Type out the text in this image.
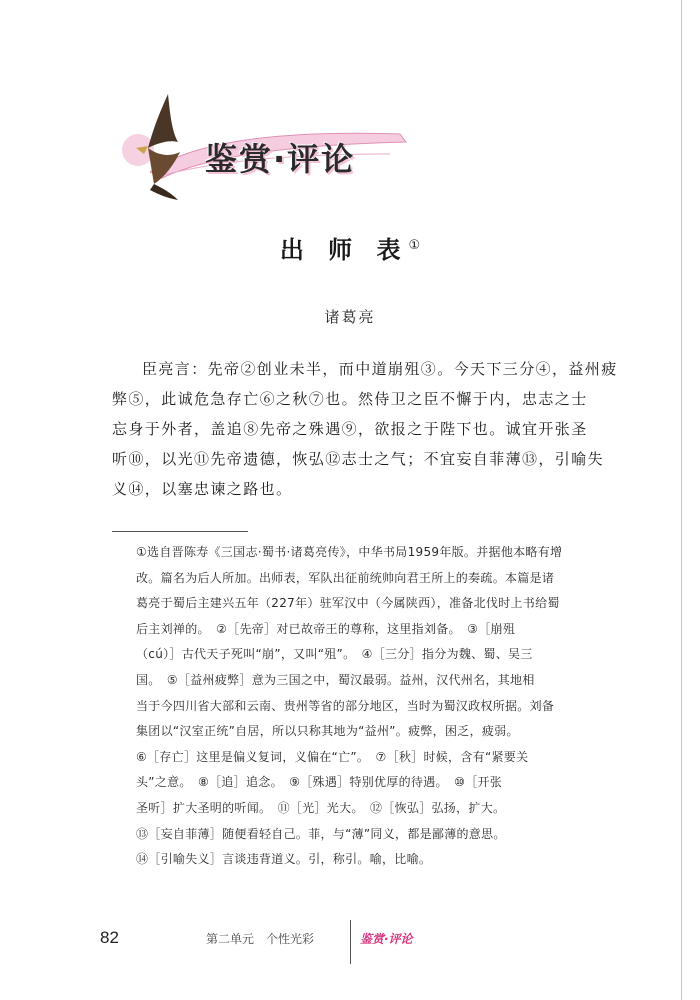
鉴赏·评论
出 师 表①
诸葛亮
臣亮言：先帝②创业未半，而中道崩殂③。今天下三分④，益州疲
弊⑤，此诚危急存亡⑥之秋⑦也。然侍卫之臣不懈于内，忠志之士
忘身于外者，盖追⑧先帝之殊遇⑨，欲报之于陛下也。诚宜开张圣
听⑩，以光⑪先帝遗德，恢弘⑫志士之气；不宜妄自菲薄⑬，引喻失
义⑭，以塞忠谏之路也。
①选自晋陈寿《三国志·蜀书·诸葛亮传》，中华书局1959年版。并据他本略有增
改。篇名为后人所加。出师表，军队出征前统帅向君王所上的奏疏。本篇是诸
葛亮于蜀后主建兴五年（227年）驻军汉中（今属陕西），准备北伐时上书给蜀
后主刘禅的。　②［先帝］对已故帝王的尊称，这里指刘备。　③［崩殂
（cú）］古代天子死叫“崩”，又叫“殂”。　④［三分］指分为魏、蜀、吴三
国。　⑤［益州疲弊］意为三国之中，蜀汉最弱。益州，汉代州名，其地相
当于今四川省大部和云南、贵州等省的部分地区，当时为蜀汉政权所据。刘备
集团以“汉室正统”自居，所以只称其地为“益州”。疲弊，困乏，疲弱。
⑥［存亡］这里是偏义复词，义偏在“亡”。　⑦［秋］时候，含有“紧要关
头”之意。　⑧［追］追念。　⑨［殊遇］特别优厚的待遇。　⑩［开张
圣听］扩大圣明的听闻。　⑪［光］光大。　⑫［恢弘］弘扬，扩大。
⑬［妄自菲薄］随便看轻自己。菲，与“薄”同义，都是鄙薄的意思。
⑭［引喻失义］言谈违背道义。引，称引。喻，比喻。
82	第二单元　个性光彩	鉴赏·评论
